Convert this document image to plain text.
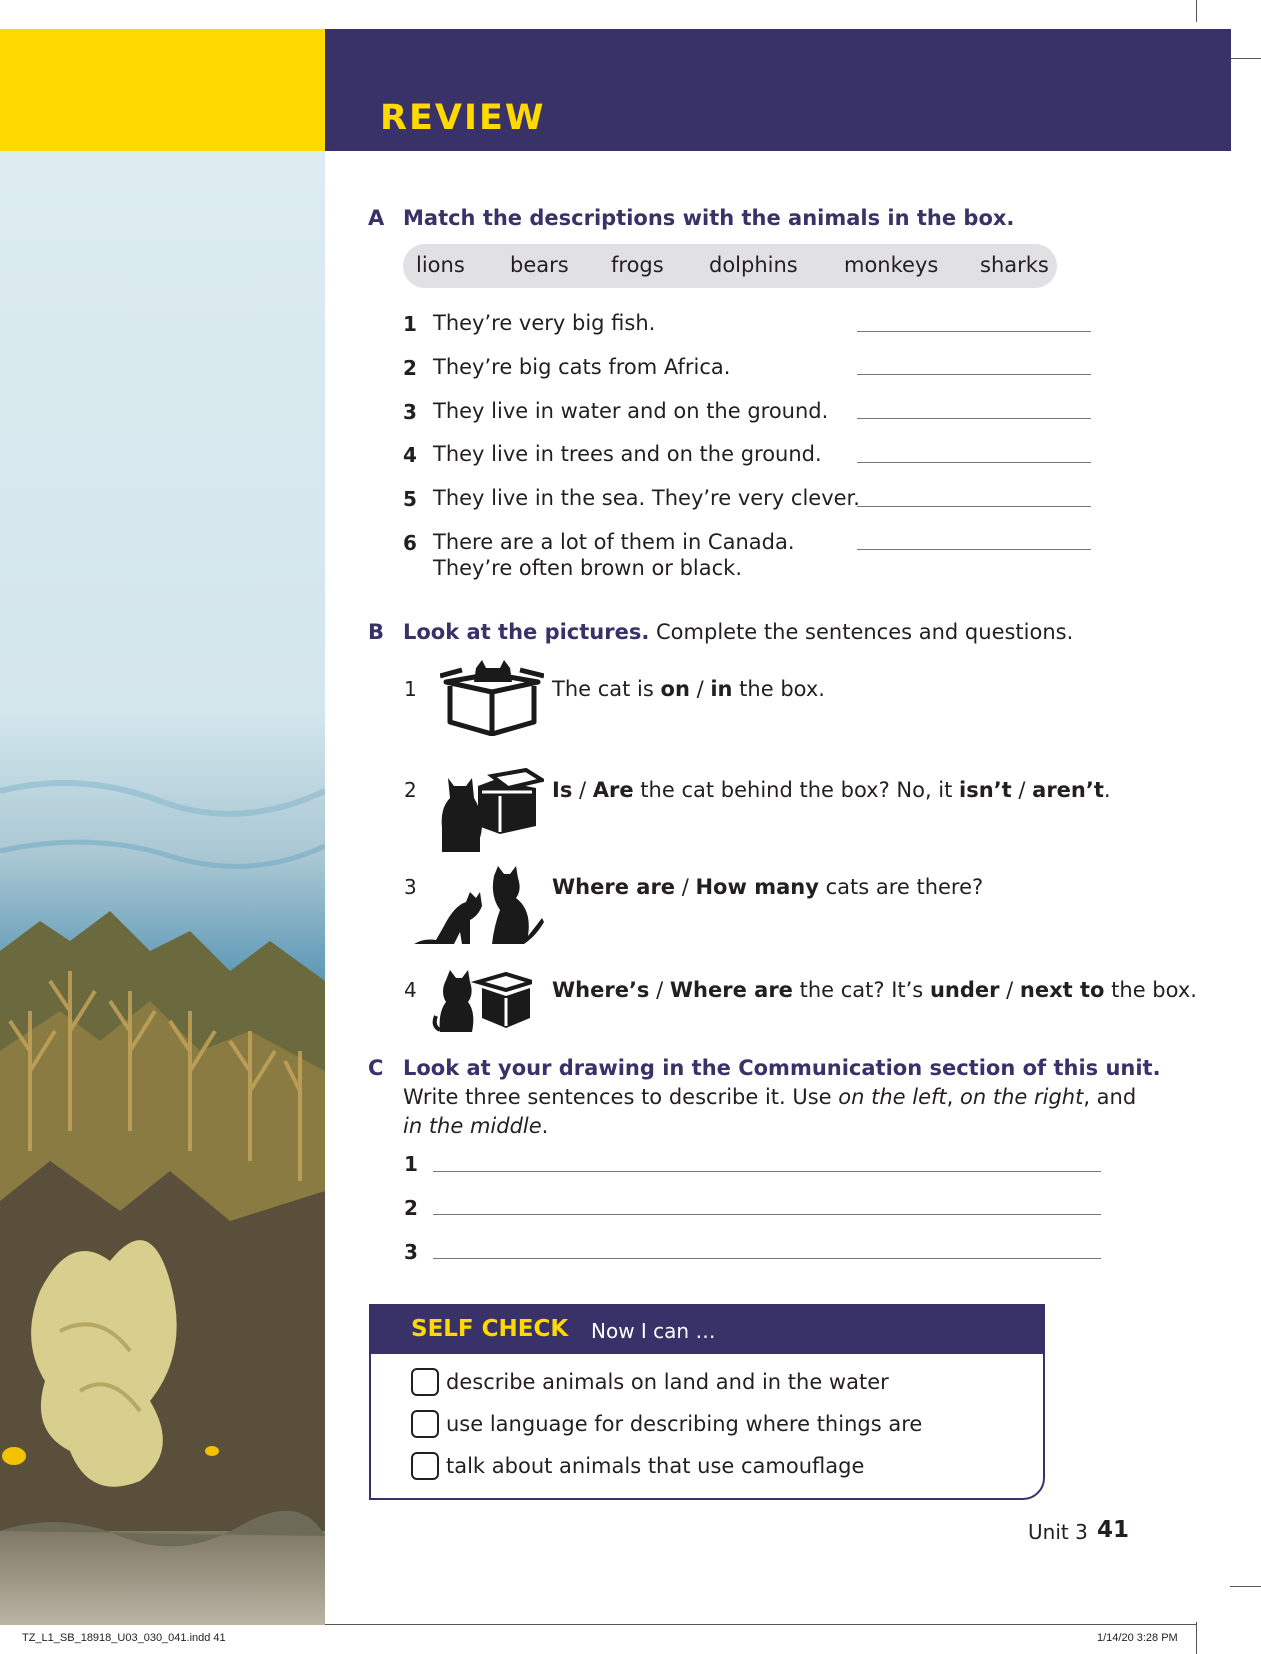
REVIEW
A Match the descriptions with the animals in the box.
lions bears frogs dolphins monkeys sharks
1 They’re very big fish.
2 They’re big cats from Africa.
3 They live in water and on the ground.
4 They live in trees and on the ground.
5 They live in the sea. They’re very clever.
6 There are a lot of them in Canada.
They’re often brown or black.
B Look at the pictures. Complete the sentences and questions.
1	The cat is on / in the box.
2	Is / Are the cat behind the box? No, it isn’t / aren’t.
3	Where are / How many cats are there?
4	Where’s / Where are the cat? It’s under / next to the box.
C Look at your drawing in the Communication section of this unit.
Write three sentences to describe it. Use on the left, on the right, and
in the middle.
1
2
3
SELF CHECK Now I can …
describe animals on land and in the water
use language for describing where things are
talk about animals that use camouflage
Unit 3 41
TZ_L1_SB_18918_U03_030_041.indd 41	1/14/20 3:28 PM
